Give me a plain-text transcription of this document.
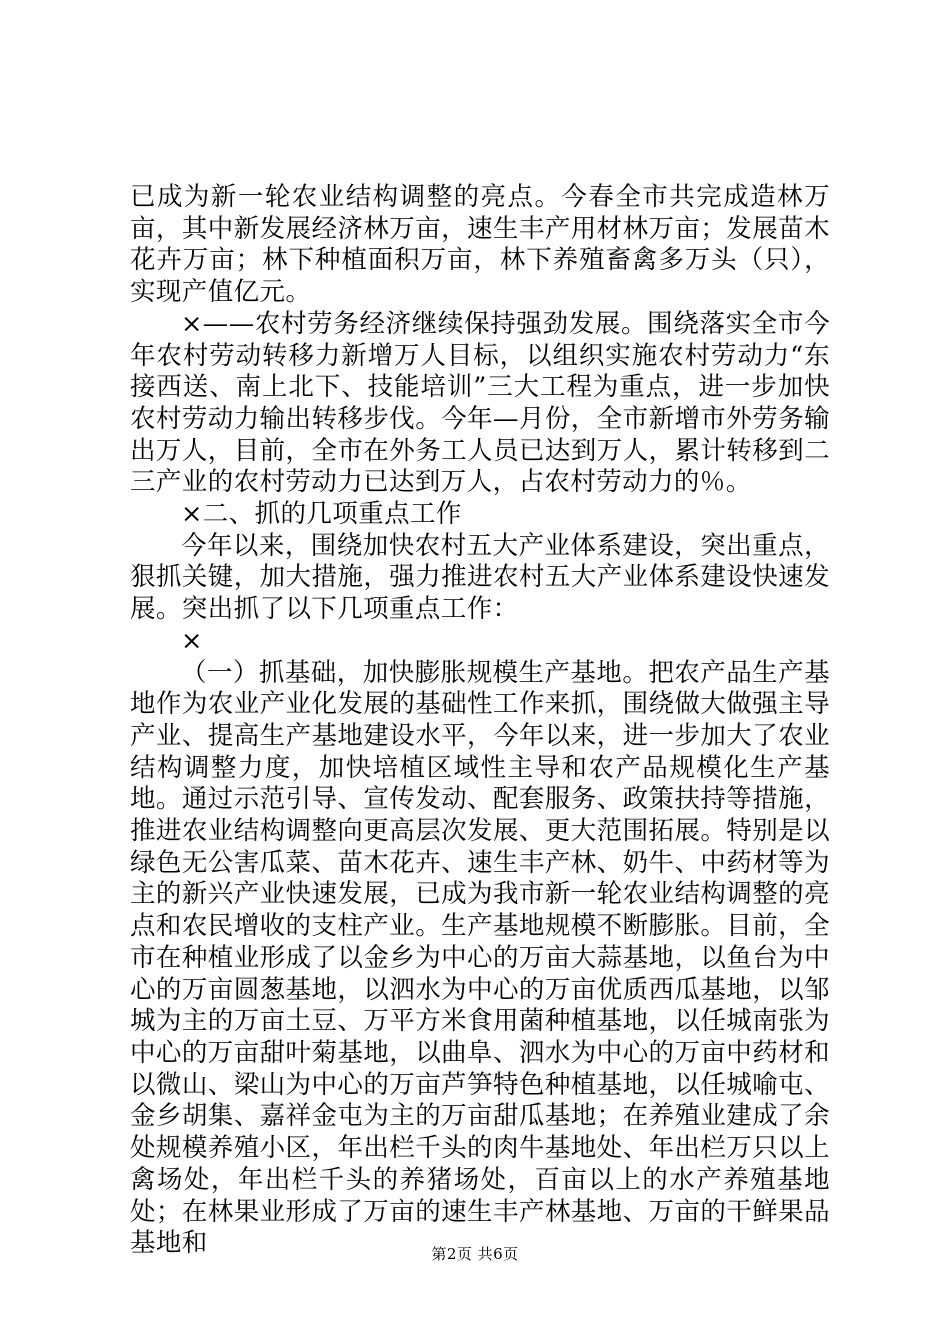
已成为新一轮农业结构调整的亮点。今春全市共完成造林万亩，其中新发展经济林万亩，速生丰产用材林万亩；发展苗木花卉万亩；林下种植面积万亩，林下养殖畜禽多万头（只），实现产值亿元。

×——农村劳务经济继续保持强劲发展。围绕落实全市今年农村劳动转移力新增万人目标，以组织实施农村劳动力“东接西送、南上北下、技能培训”三大工程为重点，进一步加快农村劳动力输出转移步伐。今年—月份，全市新增市外劳务输出万人，目前，全市在外务工人员已达到万人，累计转移到二三产业的农村劳动力已达到万人，占农村劳动力的％。

×二、抓的几项重点工作

今年以来，围绕加快农村五大产业体系建设，突出重点，狠抓关键，加大措施，强力推进农村五大产业体系建设快速发展。突出抓了以下几项重点工作：

×

（一）抓基础，加快膨胀规模生产基地。把农产品生产基地作为农业产业化发展的基础性工作来抓，围绕做大做强主导产业、提高生产基地建设水平，今年以来，进一步加大了农业结构调整力度，加快培植区域性主导和农产品规模化生产基地。通过示范引导、宣传发动、配套服务、政策扶持等措施，推进农业结构调整向更高层次发展、更大范围拓展。特别是以绿色无公害瓜菜、苗木花卉、速生丰产林、奶牛、中药材等为主的新兴产业快速发展，已成为我市新一轮农业结构调整的亮点和农民增收的支柱产业。生产基地规模不断膨胀。目前，全市在种植业形成了以金乡为中心的万亩大蒜基地，以鱼台为中心的万亩圆葱基地，以泗水为中心的万亩优质西瓜基地，以邹城为主的万亩土豆、万平方米食用菌种植基地，以任城南张为中心的万亩甜叶菊基地，以曲阜、泗水为中心的万亩中药材和以微山、梁山为中心的万亩芦笋特色种植基地，以任城喻屯、金乡胡集、嘉祥金屯为主的万亩甜瓜基地；在养殖业建成了余处规模养殖小区，年出栏千头的肉牛基地处、年出栏万只以上禽场处，年出栏千头的养猪场处，百亩以上的水产养殖基地处；在林果业形成了万亩的速生丰产林基地、万亩的干鲜果品基地和	第2页 共6页
